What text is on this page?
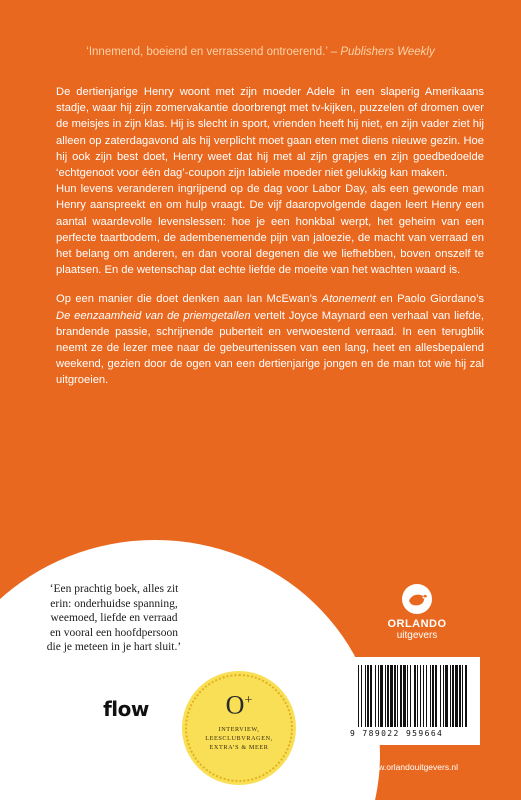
‘Innemend, boeiend en verrassend ontroerend.’ – Publishers Weekly

De dertienjarige Henry woont met zijn moeder Adele in een slaperig Amerikaans stadje, waar hij zijn zomervakantie doorbrengt met tv-kijken, puzzelen of dromen over de meisjes in zijn klas. Hij is slecht in sport, vrienden heeft hij niet, en zijn vader ziet hij alleen op zaterdagavond als hij verplicht moet gaan eten met diens nieuwe gezin. Hoe hij ook zijn best doet, Henry weet dat hij met al zijn grapjes en zijn goedbedoelde ‘echtgenoot voor één dag’-coupon zijn labiele moeder niet gelukkig kan maken.

Hun levens veranderen ingrijpend op de dag voor Labor Day, als een gewonde man Henry aanspreekt en om hulp vraagt. De vijf daaropvolgende dagen leert Henry een aantal waardevolle levenslessen: hoe je een honkbal werpt, het geheim van een perfecte taartbodem, de adembenemende pijn van jaloezie, de macht van verraad en het belang om anderen, en dan vooral degenen die we liefhebben, boven onszelf te plaatsen. En de wetenschap dat echte liefde de moeite van het wachten waard is.

Op een manier die doet denken aan Ian McEwan’s Atonement en Paolo Giordano’s De eenzaamheid van de priemgetallen vertelt Joyce Maynard een verhaal van liefde, brandende passie, schrijnende puberteit en verwoestend verraad. In een terugblik neemt ze de lezer mee naar de gebeurtenissen van een lang, heet en allesbepalend weekend, gezien door de ogen van een dertienjarige jongen en de man tot wie hij zal uitgroeien.

‘Een prachtig boek, alles zit erin: onderhuidse spanning, weemoed, liefde en verraad en vooral een hoofdpersoon die je meteen in je hart sluit.’
flow	O+
INTERVIEW,
LEESCLUBVRAGEN,
EXTRA’S & MEER
ORLANDO
uitgevers
9 789022 959664
www.orlandouitgevers.nl
